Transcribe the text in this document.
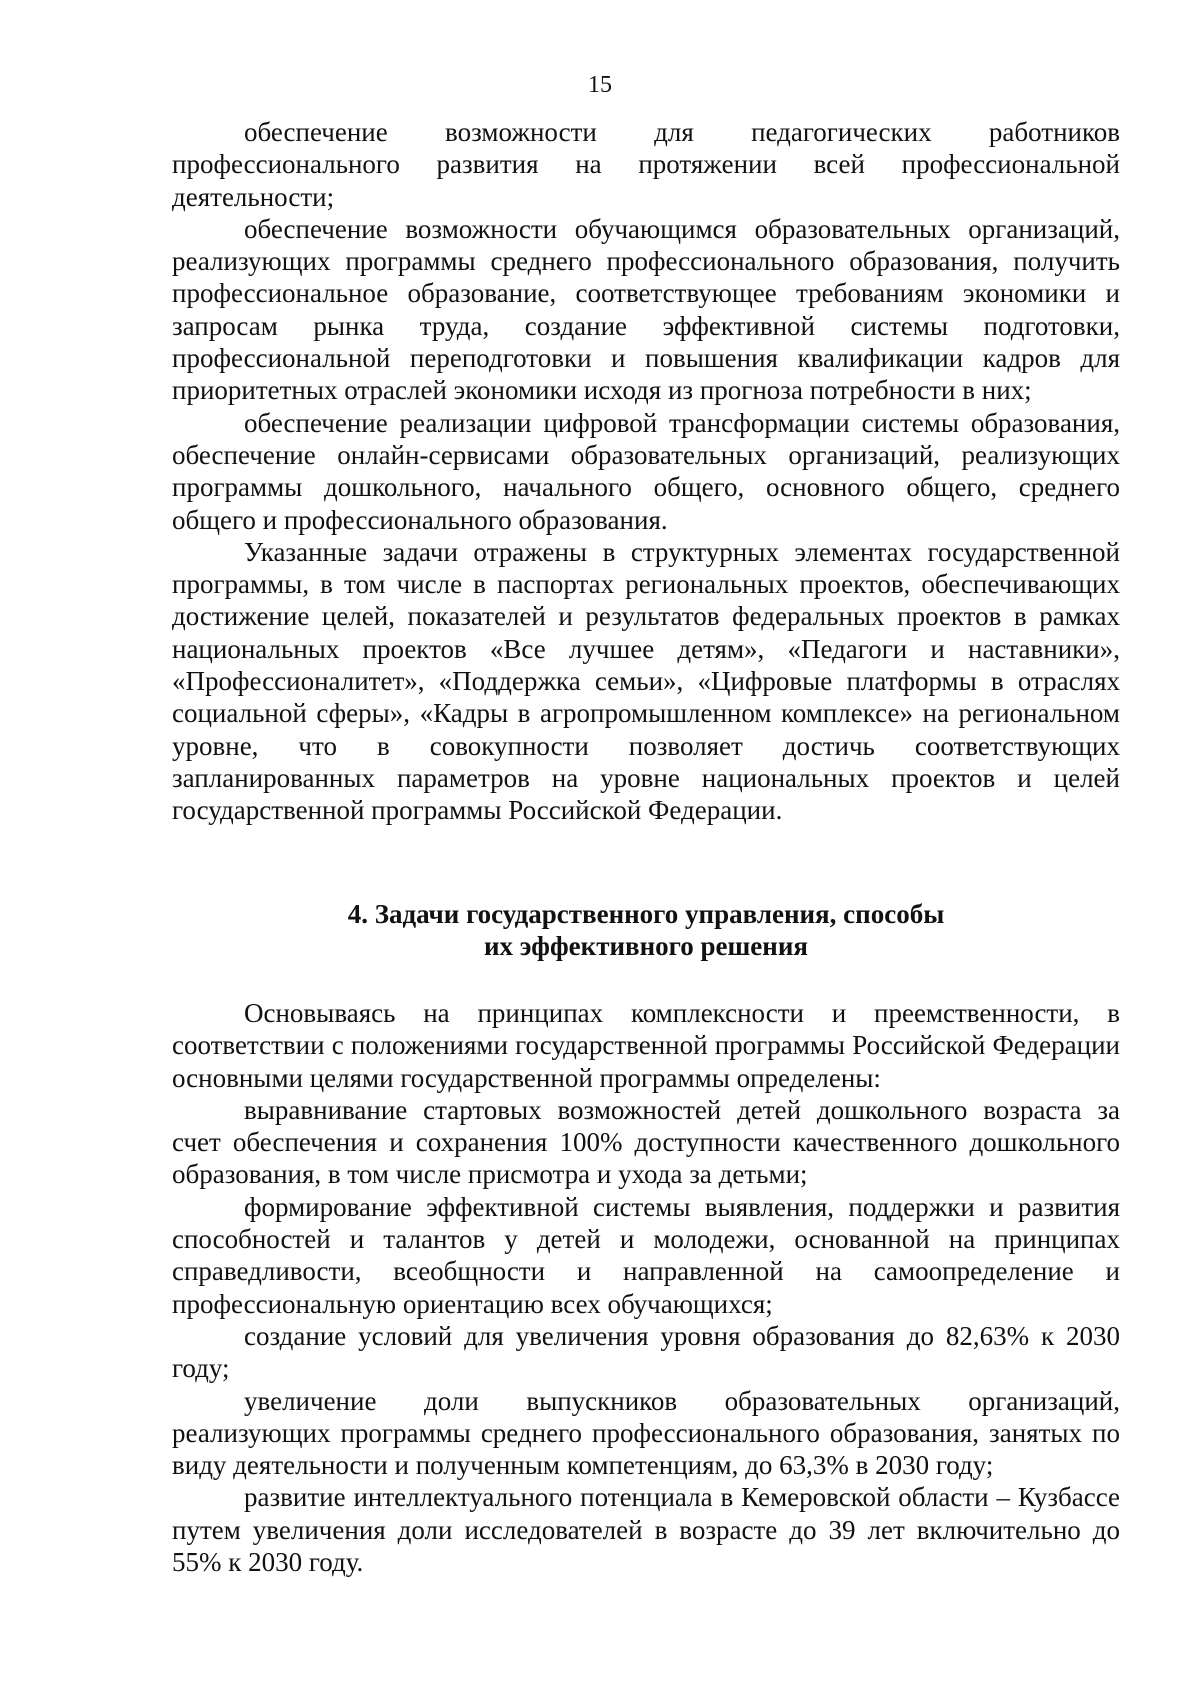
15

обеспечение возможности для педагогических работников профессионального развития на протяжении всей профессиональной деятельности;

обеспечение возможности обучающимся образовательных организаций, реализующих программы среднего профессионального образования, получить профессиональное образование, соответствующее требованиям экономики и запросам рынка труда, создание эффективной системы подготовки, профессиональной переподготовки и повышения квалификации кадров для приоритетных отраслей экономики исходя из прогноза потребности в них;

обеспечение реализации цифровой трансформации системы образования, обеспечение онлайн-сервисами образовательных организаций, реализующих программы дошкольного, начального общего, основного общего, среднего общего и профессионального образования.

Указанные задачи отражены в структурных элементах государственной программы, в том числе в паспортах региональных проектов, обеспечивающих достижение целей, показателей и результатов федеральных проектов в рамках национальных проектов «Все лучшее детям», «Педагоги и наставники», «Профессионалитет», «Поддержка семьи», «Цифровые платформы в отраслях социальной сферы», «Кадры в агропромышленном комплексе» на региональном уровне, что в совокупности позволяет достичь соответствующих запланированных параметров на уровне национальных проектов и целей государственной программы Российской Федерации.

4. Задачи государственного управления, способы
их эффективного решения

Основываясь на принципах комплексности и преемственности, в соответствии с положениями государственной программы Российской Федерации основными целями государственной программы определены:

выравнивание стартовых возможностей детей дошкольного возраста за счет обеспечения и сохранения 100% доступности качественного дошкольного образования, в том числе присмотра и ухода за детьми;

формирование эффективной системы выявления, поддержки и развития способностей и талантов у детей и молодежи, основанной на принципах справедливости, всеобщности и направленной на самоопределение и профессиональную ориентацию всех обучающихся;

создание условий для увеличения уровня образования до 82,63% к 2030 году;

увеличение доли выпускников образовательных организаций, реализующих программы среднего профессионального образования, занятых по виду деятельности и полученным компетенциям, до 63,3% в 2030 году;

развитие интеллектуального потенциала в Кемеровской области – Кузбассе путем увеличения доли исследователей в возрасте до 39 лет включительно до 55% к 2030 году.
